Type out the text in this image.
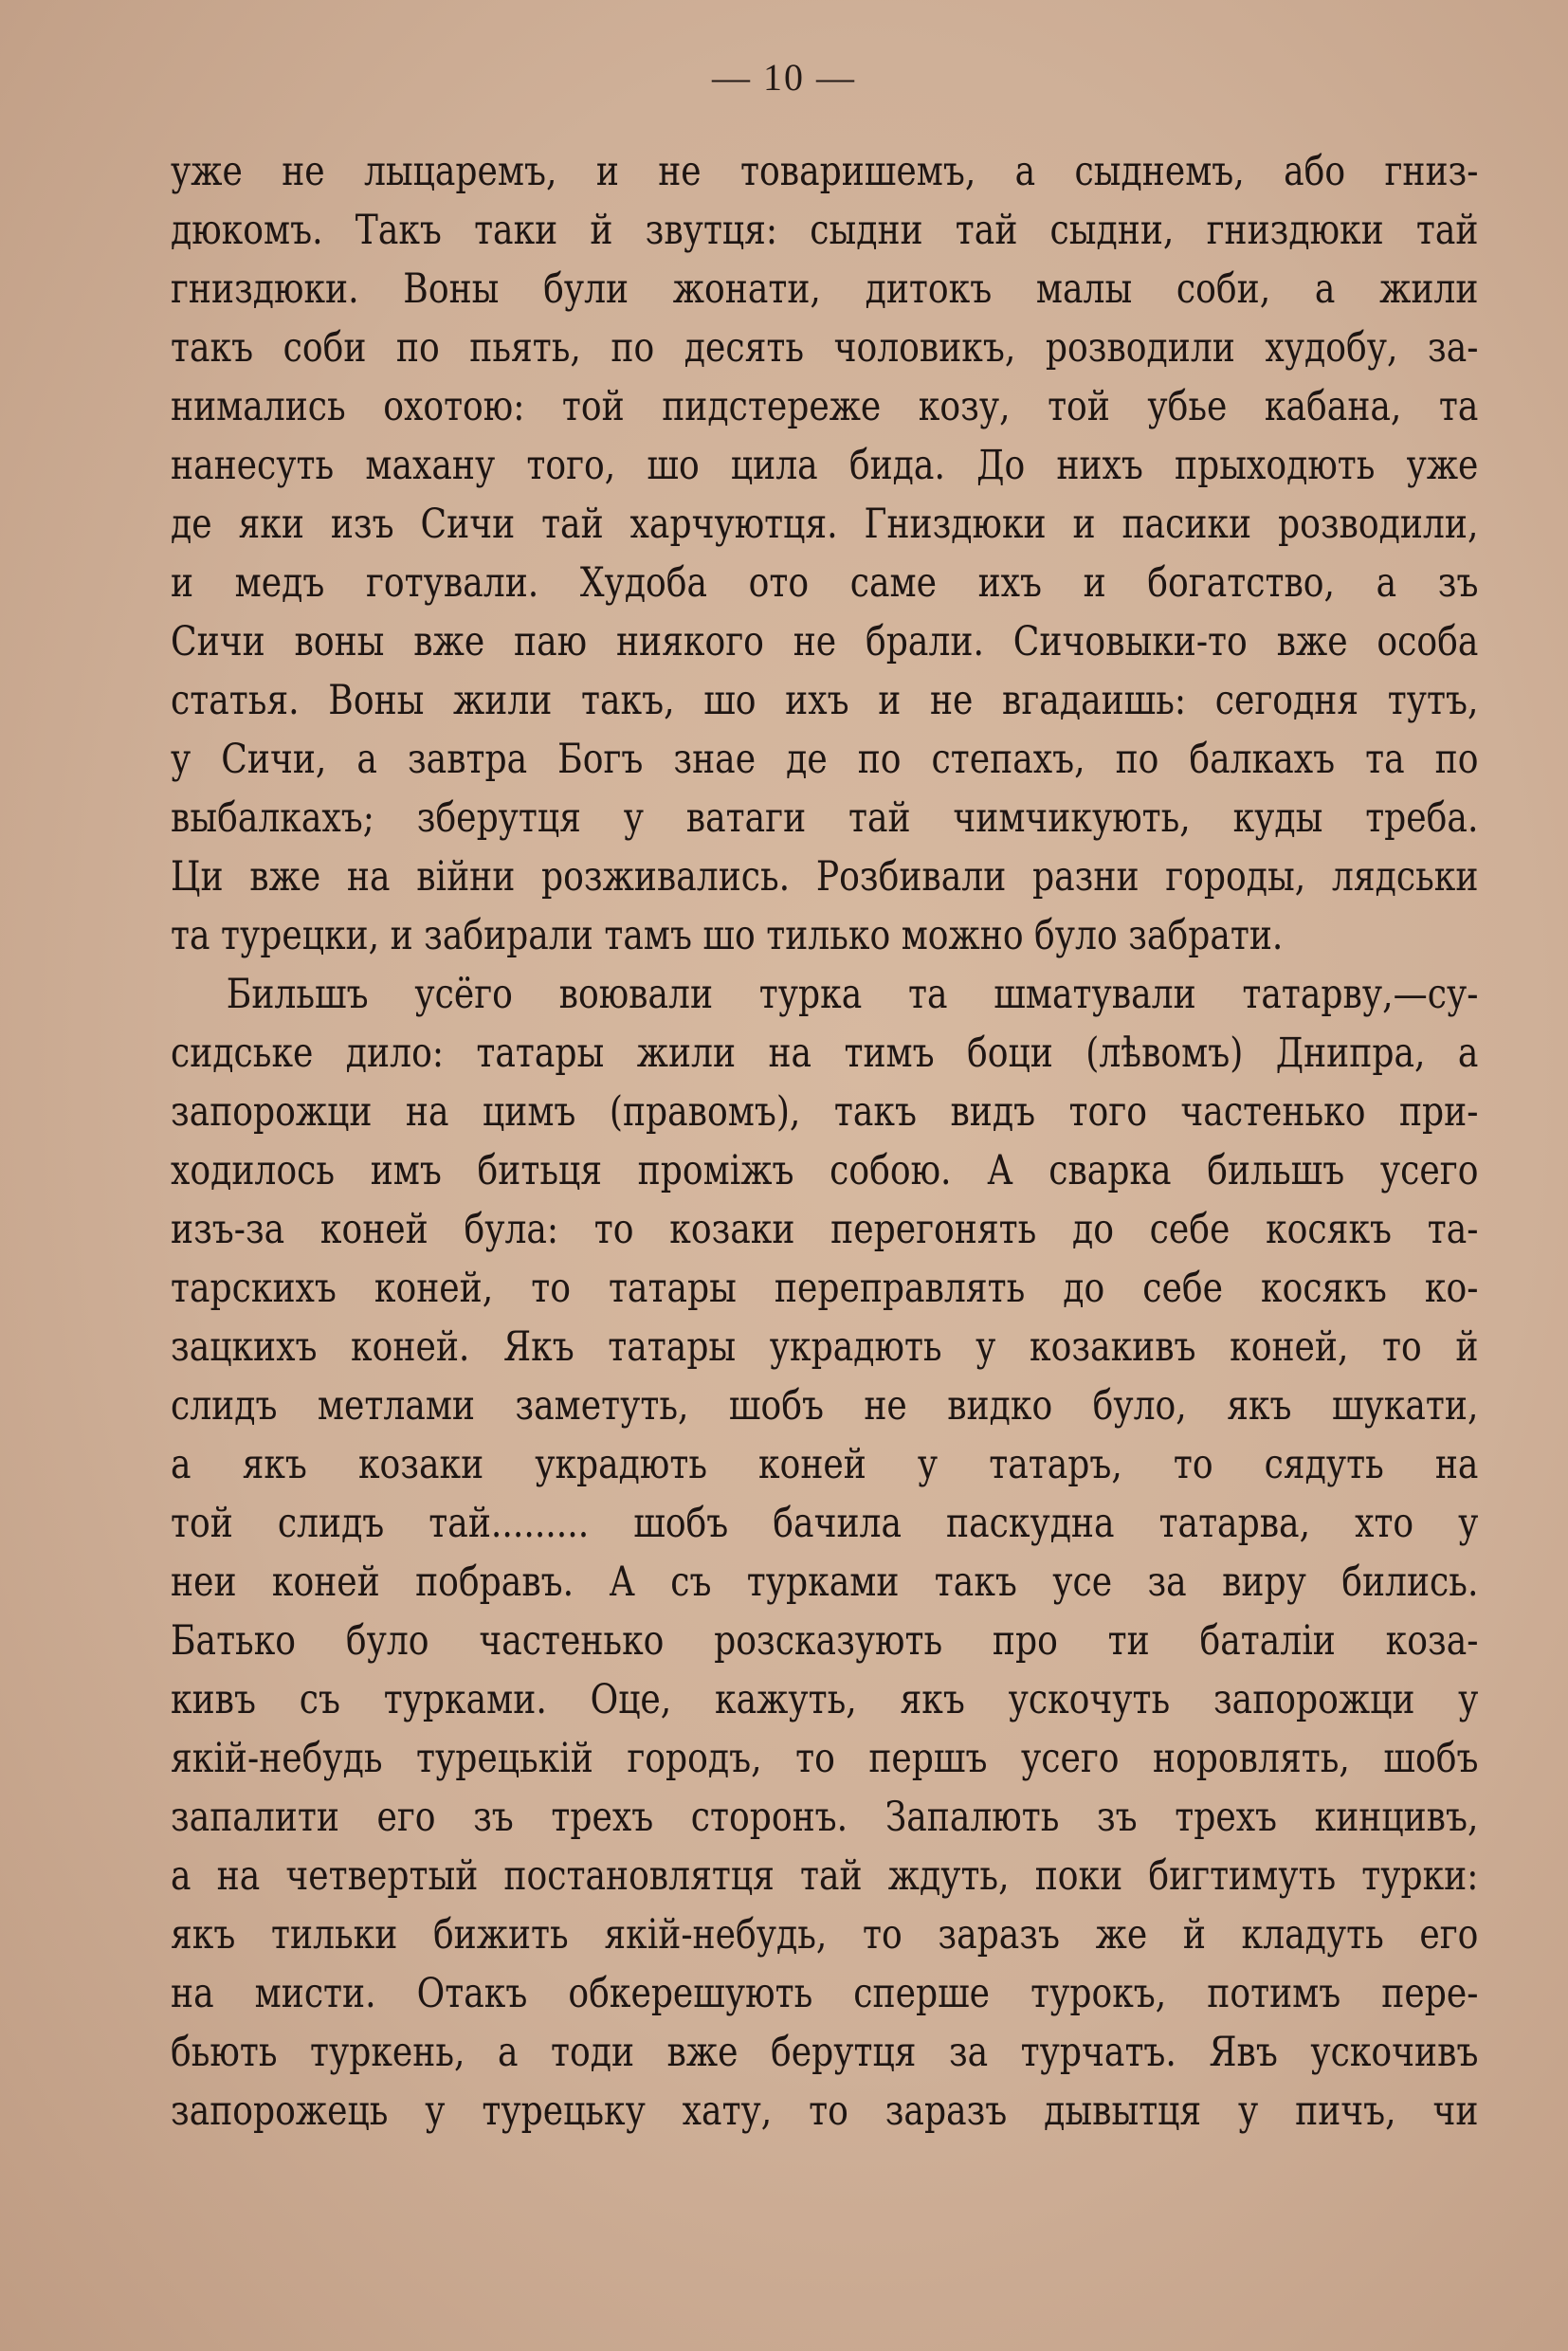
— 10 —
уже не лыцаремъ, и не товаришемъ, а сыднемъ, або гниз-
дюкомъ. Такъ таки й звутця: сыдни тай сыдни, гниздюки тай
гниздюки. Воны були жонати, дитокъ малы соби, а жили
такъ соби по пьять, по десять чоловикъ, розводили худобу, за-
нимались охотою: той пидстереже козу, той убье кабана, та
нанесуть махану того, шо цила бида. До нихъ прыходють уже
де яки изъ Сичи тай харчуютця. Гниздюки и пасики розводили,
и медъ готували. Худоба ото саме ихъ и богатство, а зъ
Сичи воны вже паю ниякого не брали. Сичовыки-то вже особа
статья. Воны жили такъ, шо ихъ и не вгадаишь: сегодня тутъ,
у Сичи, а завтра Богъ знае де по степахъ, по балкахъ та по
выбалкахъ; зберутця у ватаги тай чимчикують, куды треба.
Ци вже на війни розживались. Розбивали разни городы, лядськи
та турецки, и забирали тамъ шо тилько можно було забрати.
Бильшъ усёго воювали турка та шматували татарву,—су-
сидське дило: татары жили на тимъ боци (лѣвомъ) Днипра, а
запорожци на цимъ (правомъ), такъ видъ того частенько при-
ходилось имъ битьця проміжъ собою. А сварка бильшъ усего
изъ-за коней була: то козаки перегонять до себе косякъ та-
тарскихъ коней, то татары переправлять до себе косякъ ко-
зацкихъ коней. Якъ татары украдють у козакивъ коней, то й
слидъ метлами заметуть, шобъ не видко було, якъ шукати,
а якъ козаки украдють коней у татаръ, то сядуть на
той слидъ тай......... шобъ бачила паскудна татарва, хто у
неи коней побравъ. А съ турками такъ усе за виру бились.
Батько було частенько розсказують про ти баталіи коза-
кивъ съ турками. Оце, кажуть, якъ ускочуть запорожци у
якій-небудь турецькій городъ, то першъ усего норовлять, шобъ
запалити его зъ трехъ сторонъ. Запалють зъ трехъ кинцивъ,
а на четвертый постановлятця тай ждуть, поки бигтимуть турки:
якъ тильки бижить якій-небудь, то заразъ же й кладуть его
на мисти. Отакъ обкерешують сперше турокъ, потимъ пере-
бьють туркень, а тоди вже берутця за турчатъ. Явъ ускочивъ
запорожець у турецьку хату, то заразъ дывытця у пичъ, чи
